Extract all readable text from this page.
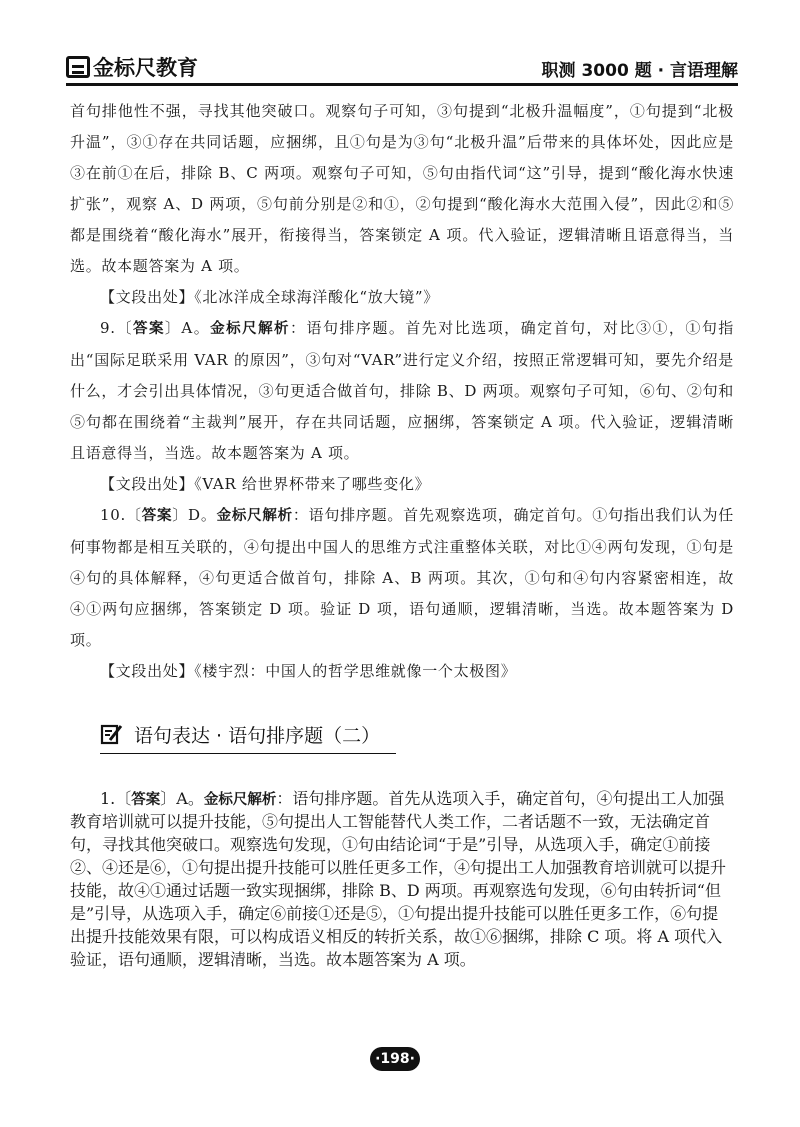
金标尺教育	职测 3000 题 · 言语理解

首句排他性不强，寻找其他突破口。观察句子可知，③句提到“北极升温幅度”，①句提到“北极升温”，③①存在共同话题，应捆绑，且①句是为③句“北极升温”后带来的具体坏处，因此应是③在前①在后，排除 B、C 两项。观察句子可知，⑤句由指代词“这”引导，提到“酸化海水快速扩张”，观察 A、D 两项，⑤句前分别是②和①，②句提到“酸化海水大范围入侵”，因此②和⑤都是围绕着“酸化海水”展开，衔接得当，答案锁定 A 项。代入验证，逻辑清晰且语意得当，当选。故本题答案为 A 项。

【文段出处】《北冰洋成全球海洋酸化“放大镜”》

9.〔答案〕A。金标尺解析：语句排序题。首先对比选项，确定首句，对比③①，①句指出“国际足联采用 VAR 的原因”，③句对“VAR”进行定义介绍，按照正常逻辑可知，要先介绍是什么，才会引出具体情况，③句更适合做首句，排除 B、D 两项。观察句子可知，⑥句、②句和⑤句都在围绕着“主裁判”展开，存在共同话题，应捆绑，答案锁定 A 项。代入验证，逻辑清晰且语意得当，当选。故本题答案为 A 项。

【文段出处】《VAR 给世界杯带来了哪些变化》

10.〔答案〕D。金标尺解析：语句排序题。首先观察选项，确定首句。①句指出我们认为任何事物都是相互关联的，④句提出中国人的思维方式注重整体关联，对比①④两句发现，①句是④句的具体解释，④句更适合做首句，排除 A、B 两项。其次，①句和④句内容紧密相连，故④①两句应捆绑，答案锁定 D 项。验证 D 项，语句通顺，逻辑清晰，当选。故本题答案为 D 项。

【文段出处】《楼宇烈：中国人的哲学思维就像一个太极图》

语句表达 · 语句排序题（二）

1.〔答案〕A。金标尺解析：语句排序题。首先从选项入手，确定首句，④句提出工人加强教育培训就可以提升技能，⑤句提出人工智能替代人类工作，二者话题不一致，无法确定首句，寻找其他突破口。观察选句发现，①句由结论词“于是”引导，从选项入手，确定①前接②、④还是⑥，①句提出提升技能可以胜任更多工作，④句提出工人加强教育培训就可以提升技能，故④①通过话题一致实现捆绑，排除 B、D 两项。再观察选句发现，⑥句由转折词“但是”引导，从选项入手，确定⑥前接①还是⑤，①句提出提升技能可以胜任更多工作，⑥句提出提升技能效果有限，可以构成语义相反的转折关系，故①⑥捆绑，排除 C 项。将 A 项代入验证，语句通顺，逻辑清晰，当选。故本题答案为 A 项。

·198·
